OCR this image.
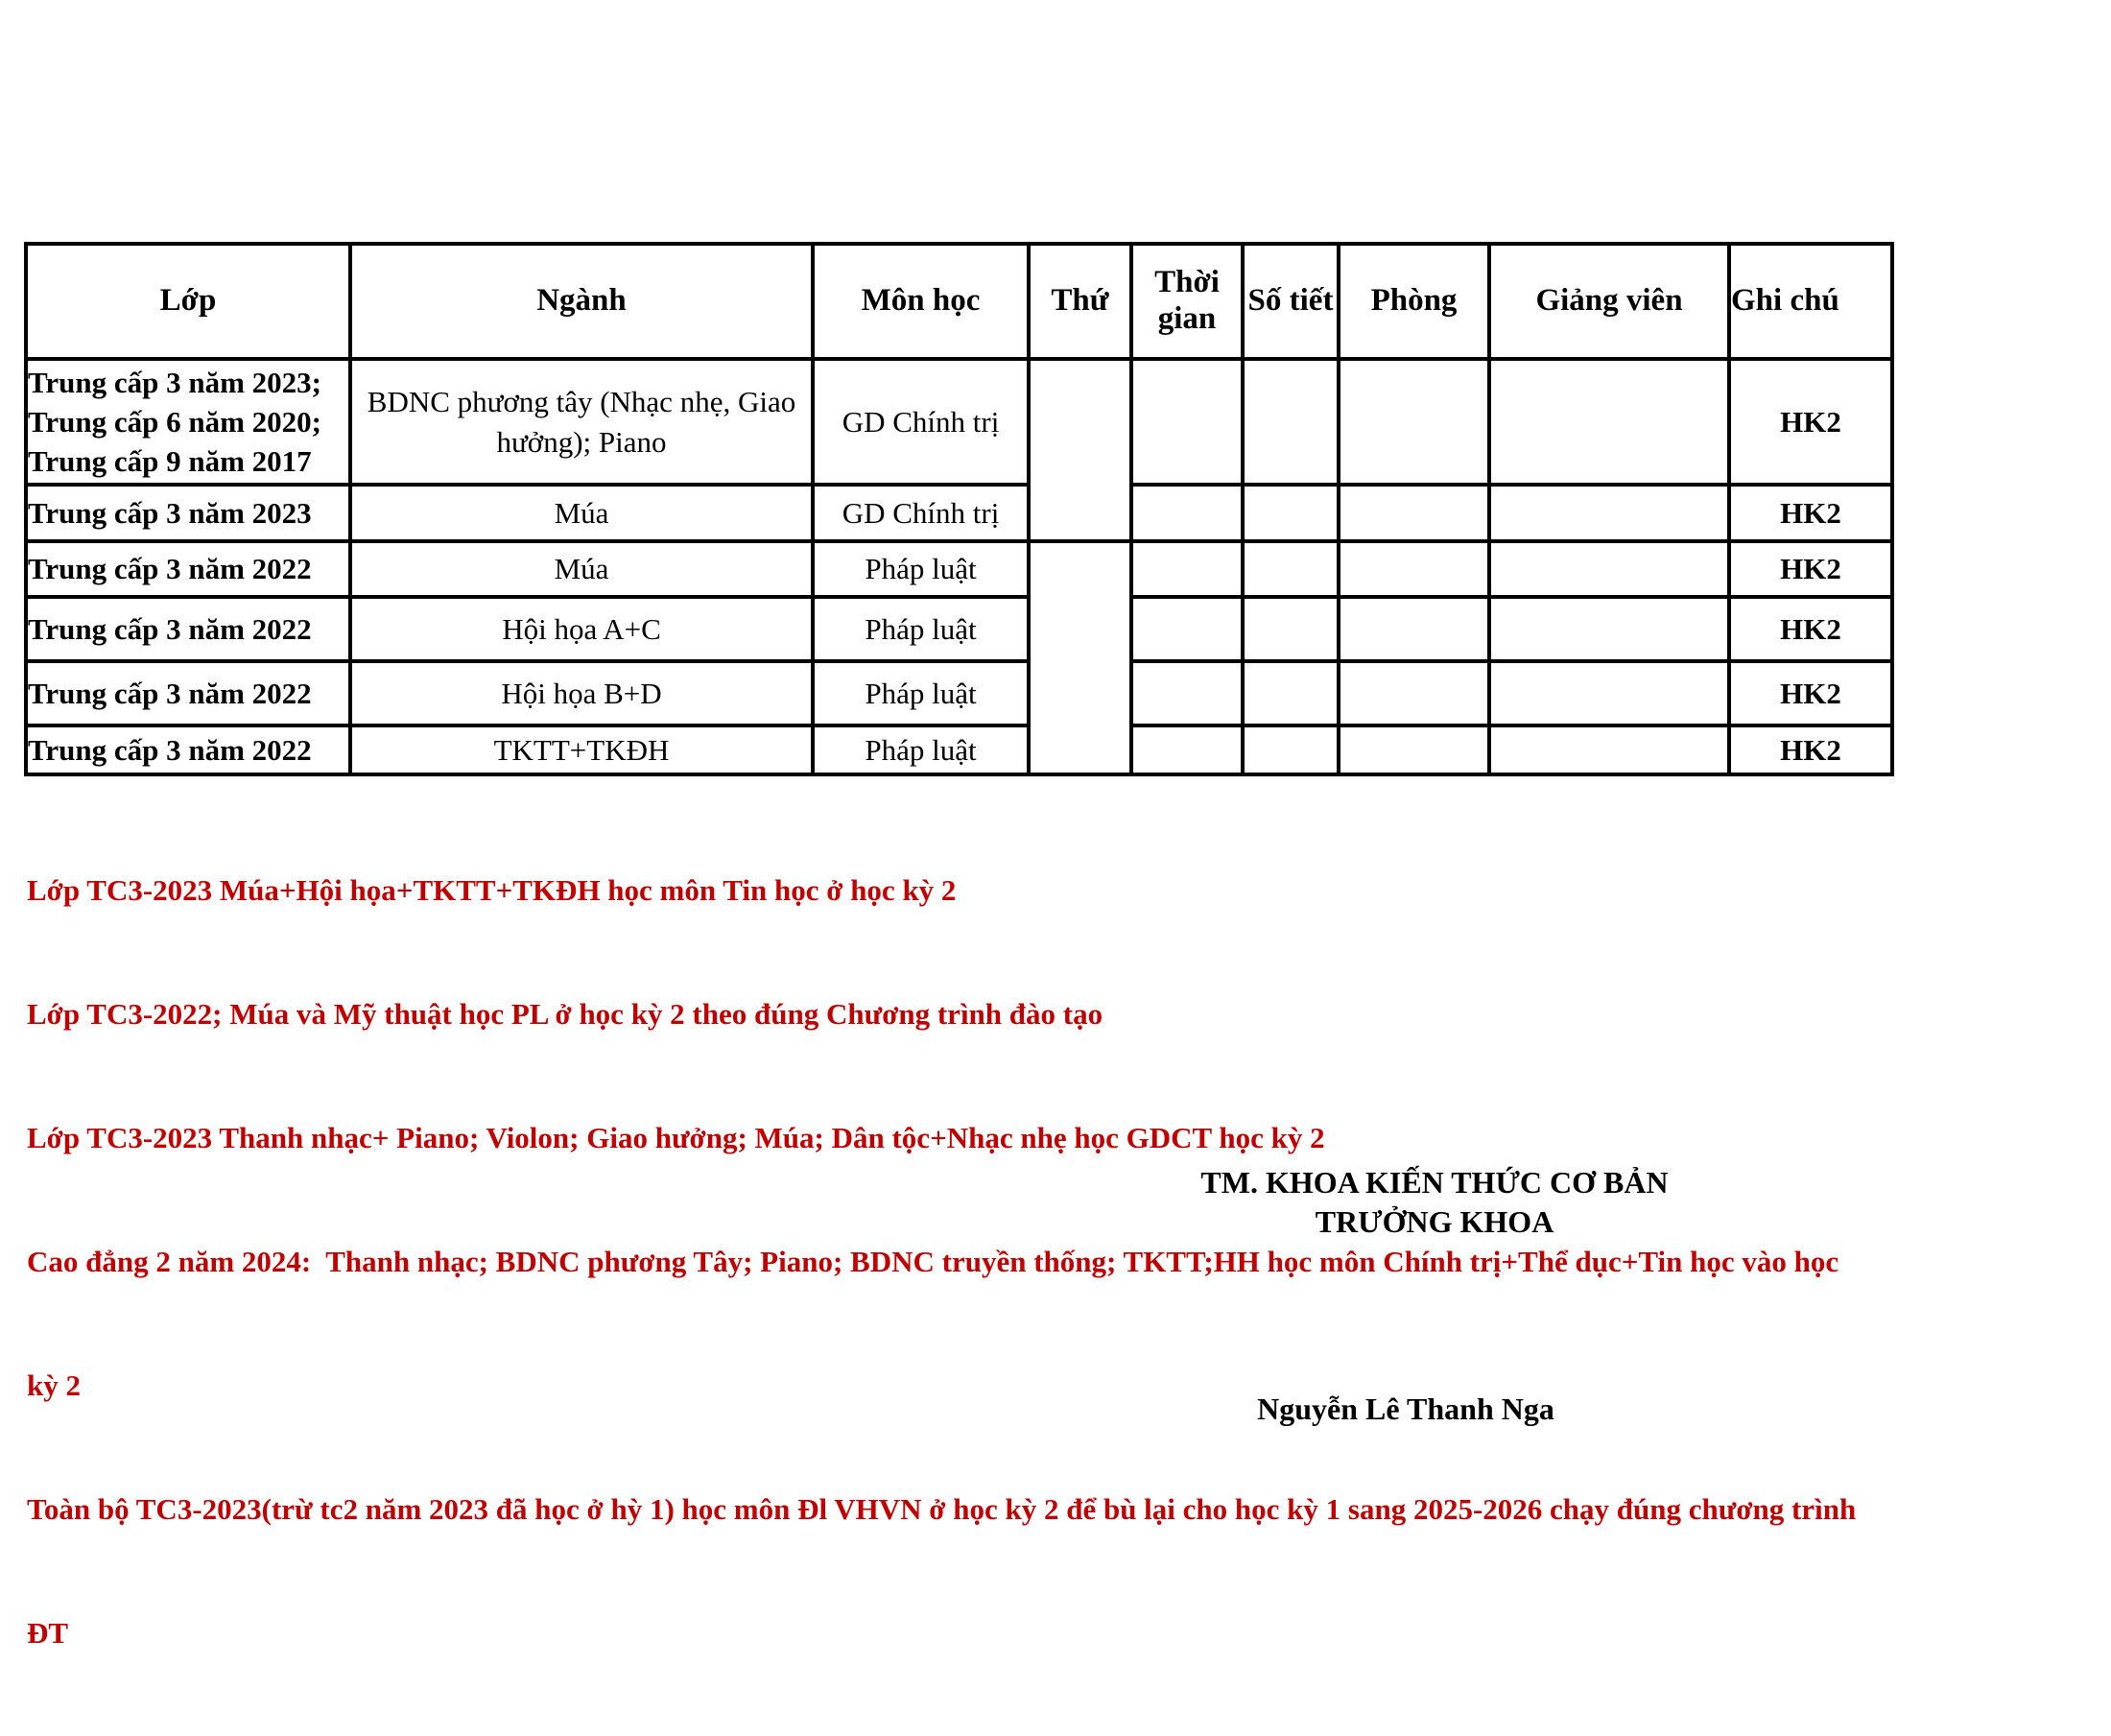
Lớp	Ngành	Môn học	Thứ	Thời gian	Số tiết	Phòng	Giảng viên	Ghi chú

Trung cấp 3 năm 2023;
Trung cấp 6 năm 2020;
Trung cấp 9 năm 2017	BDNC phương tây (Nhạc nhẹ, Giao hưởng); Piano	GD Chính trị						HK2
Trung cấp 3 năm 2023	Múa	GD Chính trị						HK2
Trung cấp 3 năm 2022	Múa	Pháp luật						HK2
Trung cấp 3 năm 2022	Hội họa A+C	Pháp luật						HK2
Trung cấp 3 năm 2022	Hội họa B+D	Pháp luật						HK2
Trung cấp 3 năm 2022	TKTT+TKĐH	Pháp luật						HK2

Lớp TC3-2023 Múa+Hội họa+TKTT+TKĐH học môn Tin học ở học kỳ 2

Lớp TC3-2022; Múa và Mỹ thuật học PL ở học kỳ 2 theo đúng Chương trình đào tạo

Lớp TC3-2023 Thanh nhạc+ Piano; Violon; Giao hưởng; Múa; Dân tộc+Nhạc nhẹ học GDCT học kỳ 2

Cao đẳng 2 năm 2024:  Thanh nhạc; BDNC phương Tây; Piano; BDNC truyền thống; TKTT;HH học môn Chính trị+Thể dục+Tin học vào học

kỳ 2

Toàn bộ TC3-2023(trừ tc2 năm 2023 đã học ở hỳ 1) học môn Đl VHVN ở học kỳ 2 để bù lại cho học kỳ 1 sang 2025-2026 chạy đúng chương trình

ĐT

TM. KHOA KIẾN THỨC CƠ BẢN
TRƯỞNG KHOA
Nguyễn Lê Thanh Nga
